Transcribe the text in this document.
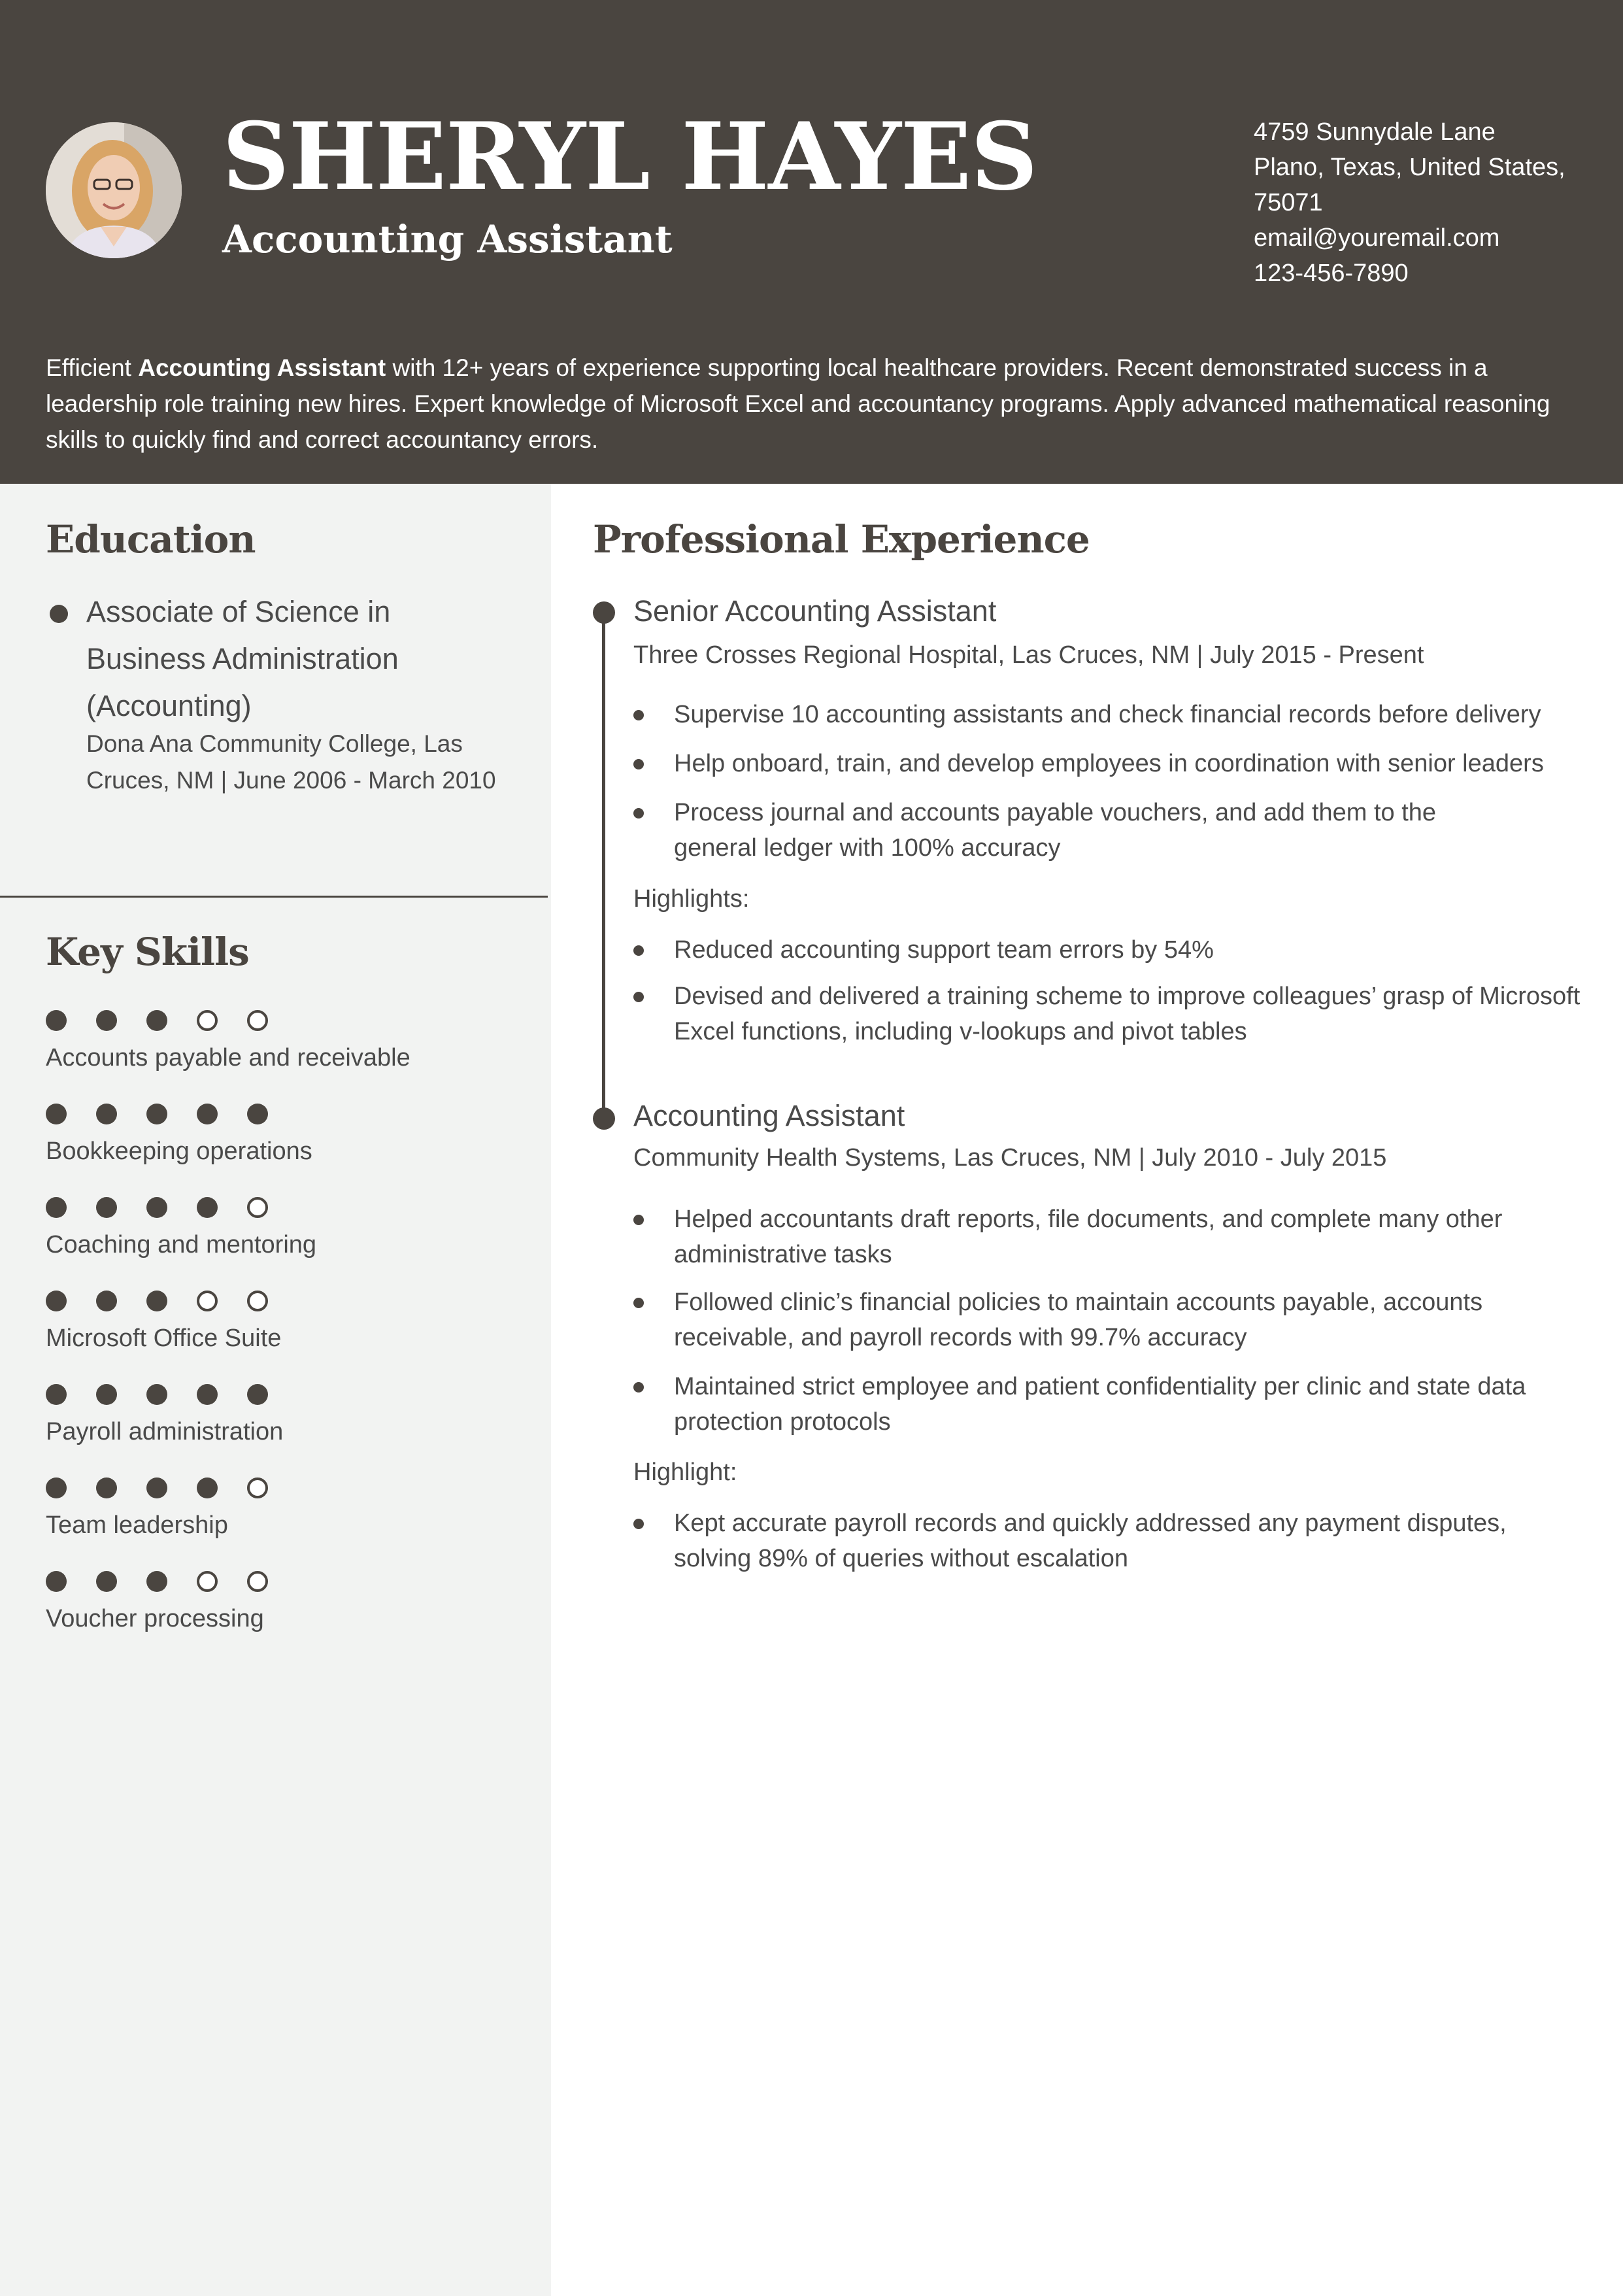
SHERYL HAYES
Accounting Assistant
4759 Sunnydale Lane
Plano, Texas, United States,
75071
email@youremail.com
123-456-7890

Efficient Accounting Assistant with 12+ years of experience supporting local healthcare providers. Recent demonstrated success in a leadership role training new hires. Expert knowledge of Microsoft Excel and accountancy programs. Apply advanced mathematical reasoning skills to quickly find and correct accountancy errors.

Education
Associate of Science in Business Administration (Accounting)
Dona Ana Community College, Las Cruces, NM | June 2006 - March 2010
Key Skills
Accounts payable and receivable
Bookkeeping operations
Coaching and mentoring
Microsoft Office Suite
Payroll administration
Team leadership
Voucher processing
Professional Experience
Senior Accounting Assistant
Three Crosses Regional Hospital, Las Cruces, NM | July 2015 - Present
Supervise 10 accounting assistants and check financial records before delivery
Help onboard, train, and develop employees in coordination with senior leaders
Process journal and accounts payable vouchers, and add them to the general ledger with 100% accuracy
Highlights:
Reduced accounting support team errors by 54%
Devised and delivered a training scheme to improve colleagues’ grasp of Microsoft Excel functions, including v-lookups and pivot tables
Accounting Assistant
Community Health Systems, Las Cruces, NM | July 2010 - July 2015
Helped accountants draft reports, file documents, and complete many other administrative tasks
Followed clinic’s financial policies to maintain accounts payable, accounts receivable, and payroll records with 99.7% accuracy
Maintained strict employee and patient confidentiality per clinic and state data protection protocols
Highlight:
Kept accurate payroll records and quickly addressed any payment disputes, solving 89% of queries without escalation
